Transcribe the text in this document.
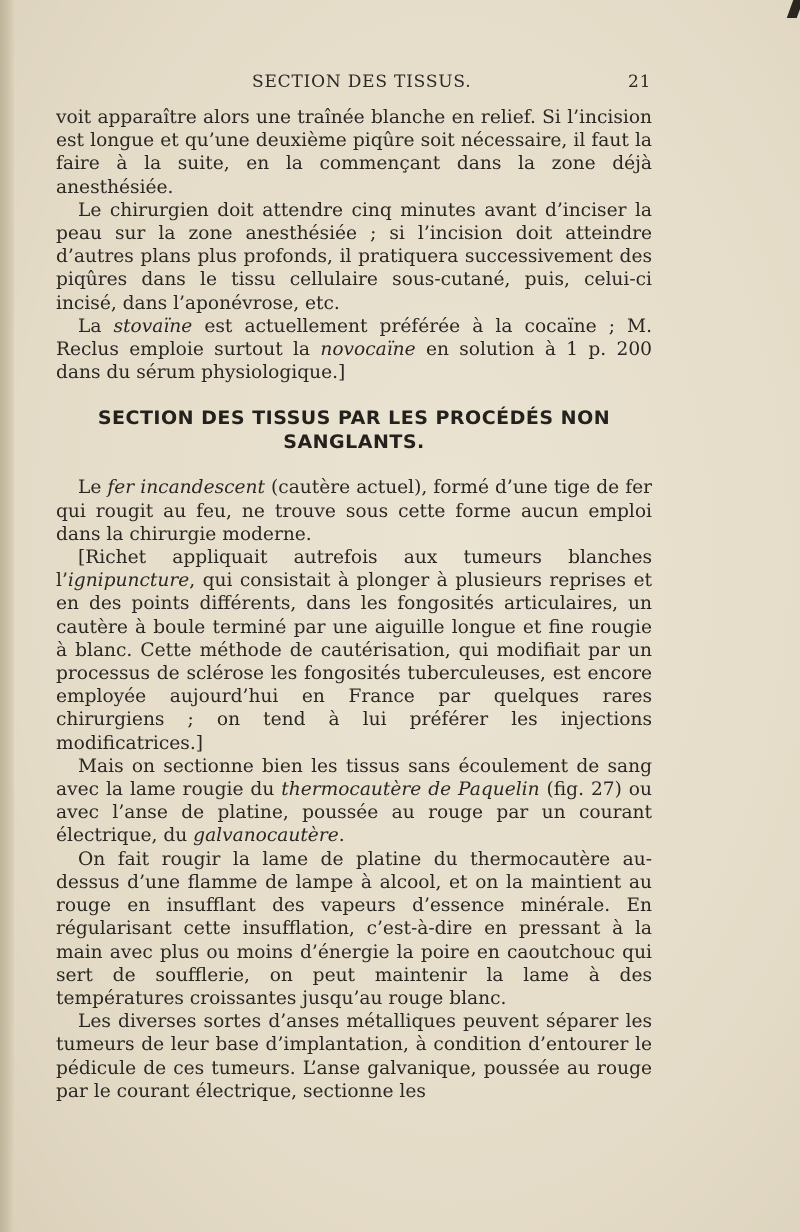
SECTION DES TISSUS.	21

voit apparaître alors une traînée blanche en relief. Si l’incision est longue et qu’une deuxième piqûre soit nécessaire, il faut la faire à la suite, en la commençant dans la zone déjà anesthésiée.

Le chirurgien doit attendre cinq minutes avant d’inciser la peau sur la zone anesthésiée ; si l’incision doit atteindre d’autres plans plus profonds, il pratiquera successivement des piqûres dans le tissu cellulaire sous-cutané, puis, celui-ci incisé, dans l’aponévrose, etc.

La stovaïne est actuellement préférée à la cocaïne ; M. Reclus emploie surtout la novocaïne en solution à 1 p. 200 dans du sérum physiologique.]

SECTION DES TISSUS PAR LES PROCÉDÉS NON SANGLANTS.

Le fer incandescent (cautère actuel), formé d’une tige de fer qui rougit au feu, ne trouve sous cette forme aucun emploi dans la chirurgie moderne.

[Richet appliquait autrefois aux tumeurs blanches l’ignipuncture, qui consistait à plonger à plusieurs reprises et en des points différents, dans les fongosités articulaires, un cautère à boule terminé par une aiguille longue et fine rougie à blanc. Cette méthode de cautérisation, qui modifiait par un processus de sclérose les fongosités tuberculeuses, est encore employée aujourd’hui en France par quelques rares chirurgiens ; on tend à lui préférer les injections modificatrices.]

Mais on sectionne bien les tissus sans écoulement de sang avec la lame rougie du thermocautère de Paquelin (fig. 27) ou avec l’anse de platine, poussée au rouge par un courant électrique, du galvanocautère.

On fait rougir la lame de platine du thermocautère au-dessus d’une flamme de lampe à alcool, et on la maintient au rouge en insufflant des vapeurs d’essence minérale. En régularisant cette insufflation, c’est-à-dire en pressant à la main avec plus ou moins d’énergie la poire en caoutchouc qui sert de soufflerie, on peut maintenir la lame à des températures croissantes jusqu’au rouge blanc.

Les diverses sortes d’anses métalliques peuvent séparer les tumeurs de leur base d’implantation, à condition d’entourer le pédicule de ces tumeurs. L’anse galvanique, poussée au rouge par le courant électrique, sectionne les
